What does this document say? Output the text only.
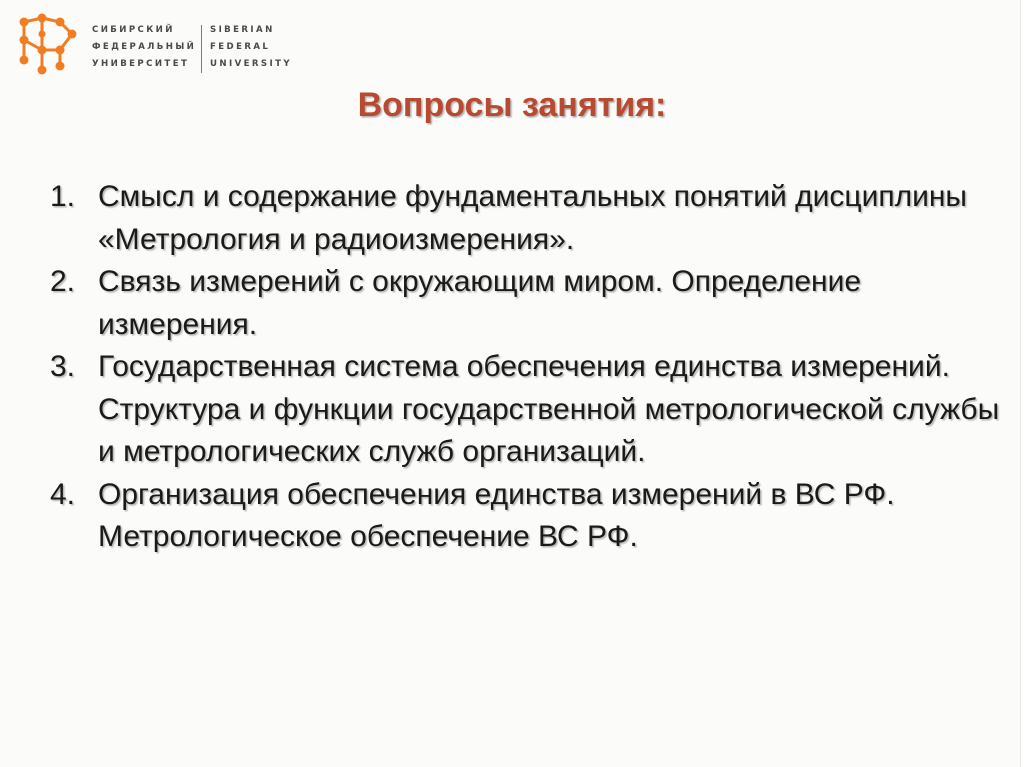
СИБИРСКИЙ
ФЕДЕРАЛЬНЫЙ
УНИВЕРСИТЕТ
SIBERIAN
FEDERAL
UNIVERSITY
Вопросы занятия:
1. Смысл и содержание фундаментальных понятий дисциплины «Метрология и радиоизмерения».
2. Связь измерений с окружающим миром. Определение измерения.
3. Государственная система обеспечения единства измерений. Структура и функции государственной метрологической службы и метрологических служб организаций.
4. Организация обеспечения единства измерений в ВС РФ. Метрологическое обеспечение ВС РФ.
